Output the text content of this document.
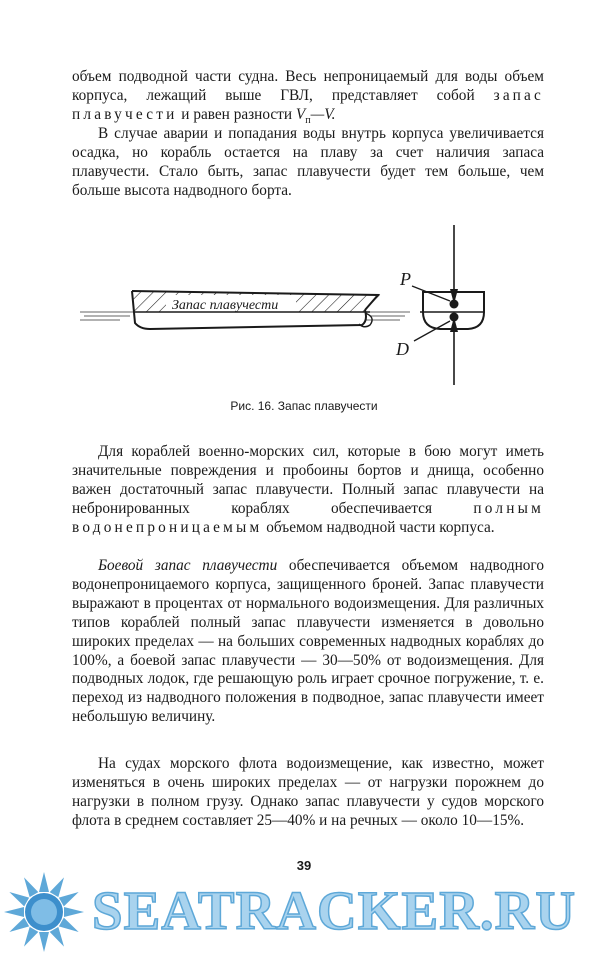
объем подводной части судна. Весь непроницаемый для воды объем корпуса, лежащий выше ГВЛ, представляет собой запас плавучести и равен разности $V_п—V$.

В случае аварии и попадания воды внутрь корпуса увеличивается осадка, но корабль остается на плаву за счет наличия запаса плавучести. Стало быть, запас плавучести будет тем больше, чем больше высота надводного борта.

Запас плавучести
P
D
Рис. 16. Запас плавучести

Для кораблей военно-морских сил, которые в бою могут иметь значительные повреждения и пробоины бортов и днища, особенно важен достаточный запас плавучести. Полный запас плавучести на небронированных кораблях обеспечивается полным водонепроницаемым объемом надводной части корпуса.

Боевой запас плавучести обеспечивается объемом надводного водонепроницаемого корпуса, защищенного броней. Запас плавучести выражают в процентах от нормального водоизмещения. Для различных типов кораблей полный запас плавучести изменяется в довольно широких пределах — на больших современных надводных кораблях до 100%, а боевой запас плавучести — 30—50% от водоизмещения. Для подводных лодок, где решающую роль играет срочное погружение, т. е. переход из надводного положения в подводное, запас плавучести имеет небольшую величину.

На судах морского флота водоизмещение, как известно, может изменяться в очень широких пределах — от нагрузки порожнем до нагрузки в полном грузу. Однако запас плавучести у судов морского флота в среднем составляет 25—40% и на речных — около 10—15%.

39
SEATRACKER.RU
